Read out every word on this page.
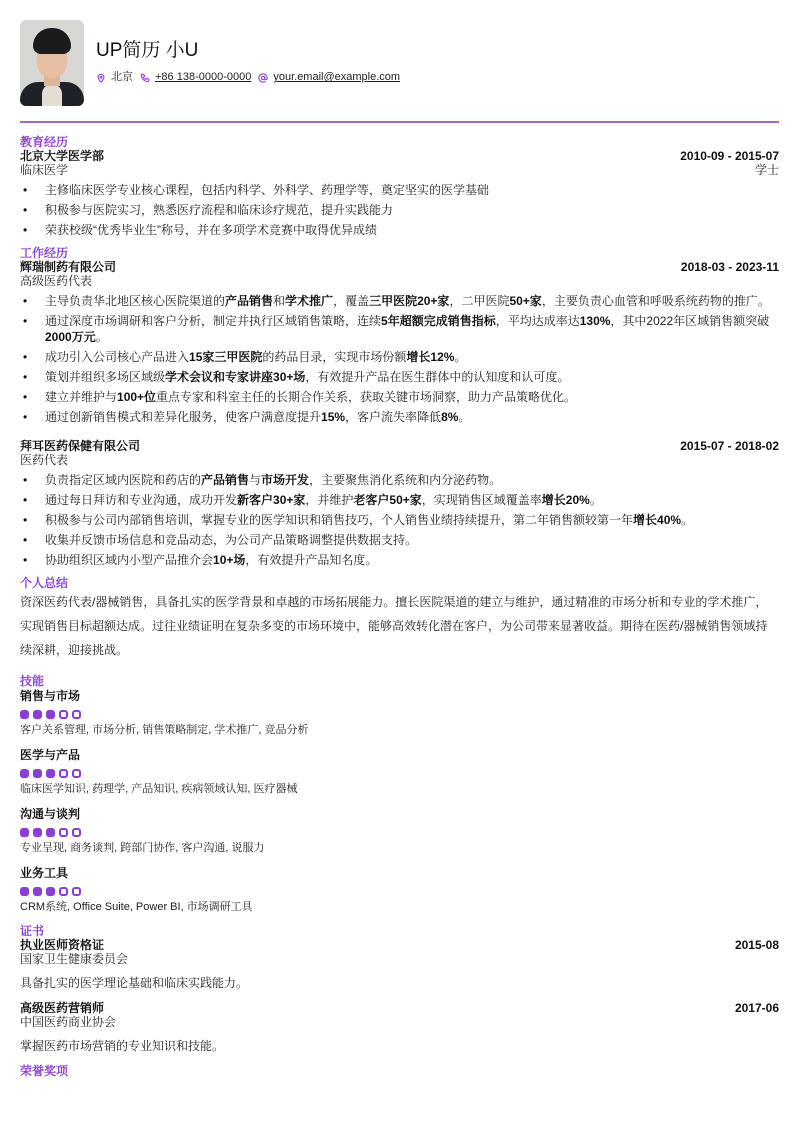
UP简历 小U
北京 +86 138-0000-0000 your.email@example.com
教育经历
北京大学医学部	2010-09 - 2015-07
临床医学	学士
• 主修临床医学专业核心课程，包括内科学、外科学、药理学等，奠定坚实的医学基础
• 积极参与医院实习，熟悉医疗流程和临床诊疗规范，提升实践能力
• 荣获校级“优秀毕业生”称号，并在多项学术竞赛中取得优异成绩
工作经历
辉瑞制药有限公司	2018-03 - 2023-11
高级医药代表
• 主导负责华北地区核心医院渠道的产品销售和学术推广，覆盖三甲医院20+家，二甲医院50+家，主要负责心血管和呼吸系统药物的推广。
• 通过深度市场调研和客户分析，制定并执行区域销售策略，连续5年超额完成销售指标，平均达成率达130%，其中2022年区域销售额突破2000万元。
• 成功引入公司核心产品进入15家三甲医院的药品目录，实现市场份额增长12%。
• 策划并组织多场区域级学术会议和专家讲座30+场，有效提升产品在医生群体中的认知度和认可度。
• 建立并维护与100+位重点专家和科室主任的长期合作关系，获取关键市场洞察，助力产品策略优化。
• 通过创新销售模式和差异化服务，使客户满意度提升15%，客户流失率降低8%。
拜耳医药保健有限公司	2015-07 - 2018-02
医药代表
• 负责指定区域内医院和药店的产品销售与市场开发，主要聚焦消化系统和内分泌药物。
• 通过每日拜访和专业沟通，成功开发新客户30+家，并维护老客户50+家，实现销售区域覆盖率增长20%。
• 积极参与公司内部销售培训，掌握专业的医学知识和销售技巧，个人销售业绩持续提升，第二年销售额较第一年增长40%。
• 收集并反馈市场信息和竞品动态，为公司产品策略调整提供数据支持。
• 协助组织区域内小型产品推介会10+场，有效提升产品知名度。
个人总结
资深医药代表/器械销售，具备扎实的医学背景和卓越的市场拓展能力。擅长医院渠道的建立与维护，通过精准的市场分析和专业的学术推广，实现销售目标超额达成。过往业绩证明在复杂多变的市场环境中，能够高效转化潜在客户，为公司带来显著收益。期待在医药/器械销售领域持续深耕，迎接挑战。
技能
销售与市场
客户关系管理, 市场分析, 销售策略制定, 学术推广, 竞品分析
医学与产品
临床医学知识, 药理学, 产品知识, 疾病领域认知, 医疗器械
沟通与谈判
专业呈现, 商务谈判, 跨部门协作, 客户沟通, 说服力
业务工具
CRM系统, Office Suite, Power BI, 市场调研工具
证书
执业医师资格证	2015-08
国家卫生健康委员会
具备扎实的医学理论基础和临床实践能力。
高级医药营销师	2017-06
中国医药商业协会
掌握医药市场营销的专业知识和技能。
荣誉奖项
